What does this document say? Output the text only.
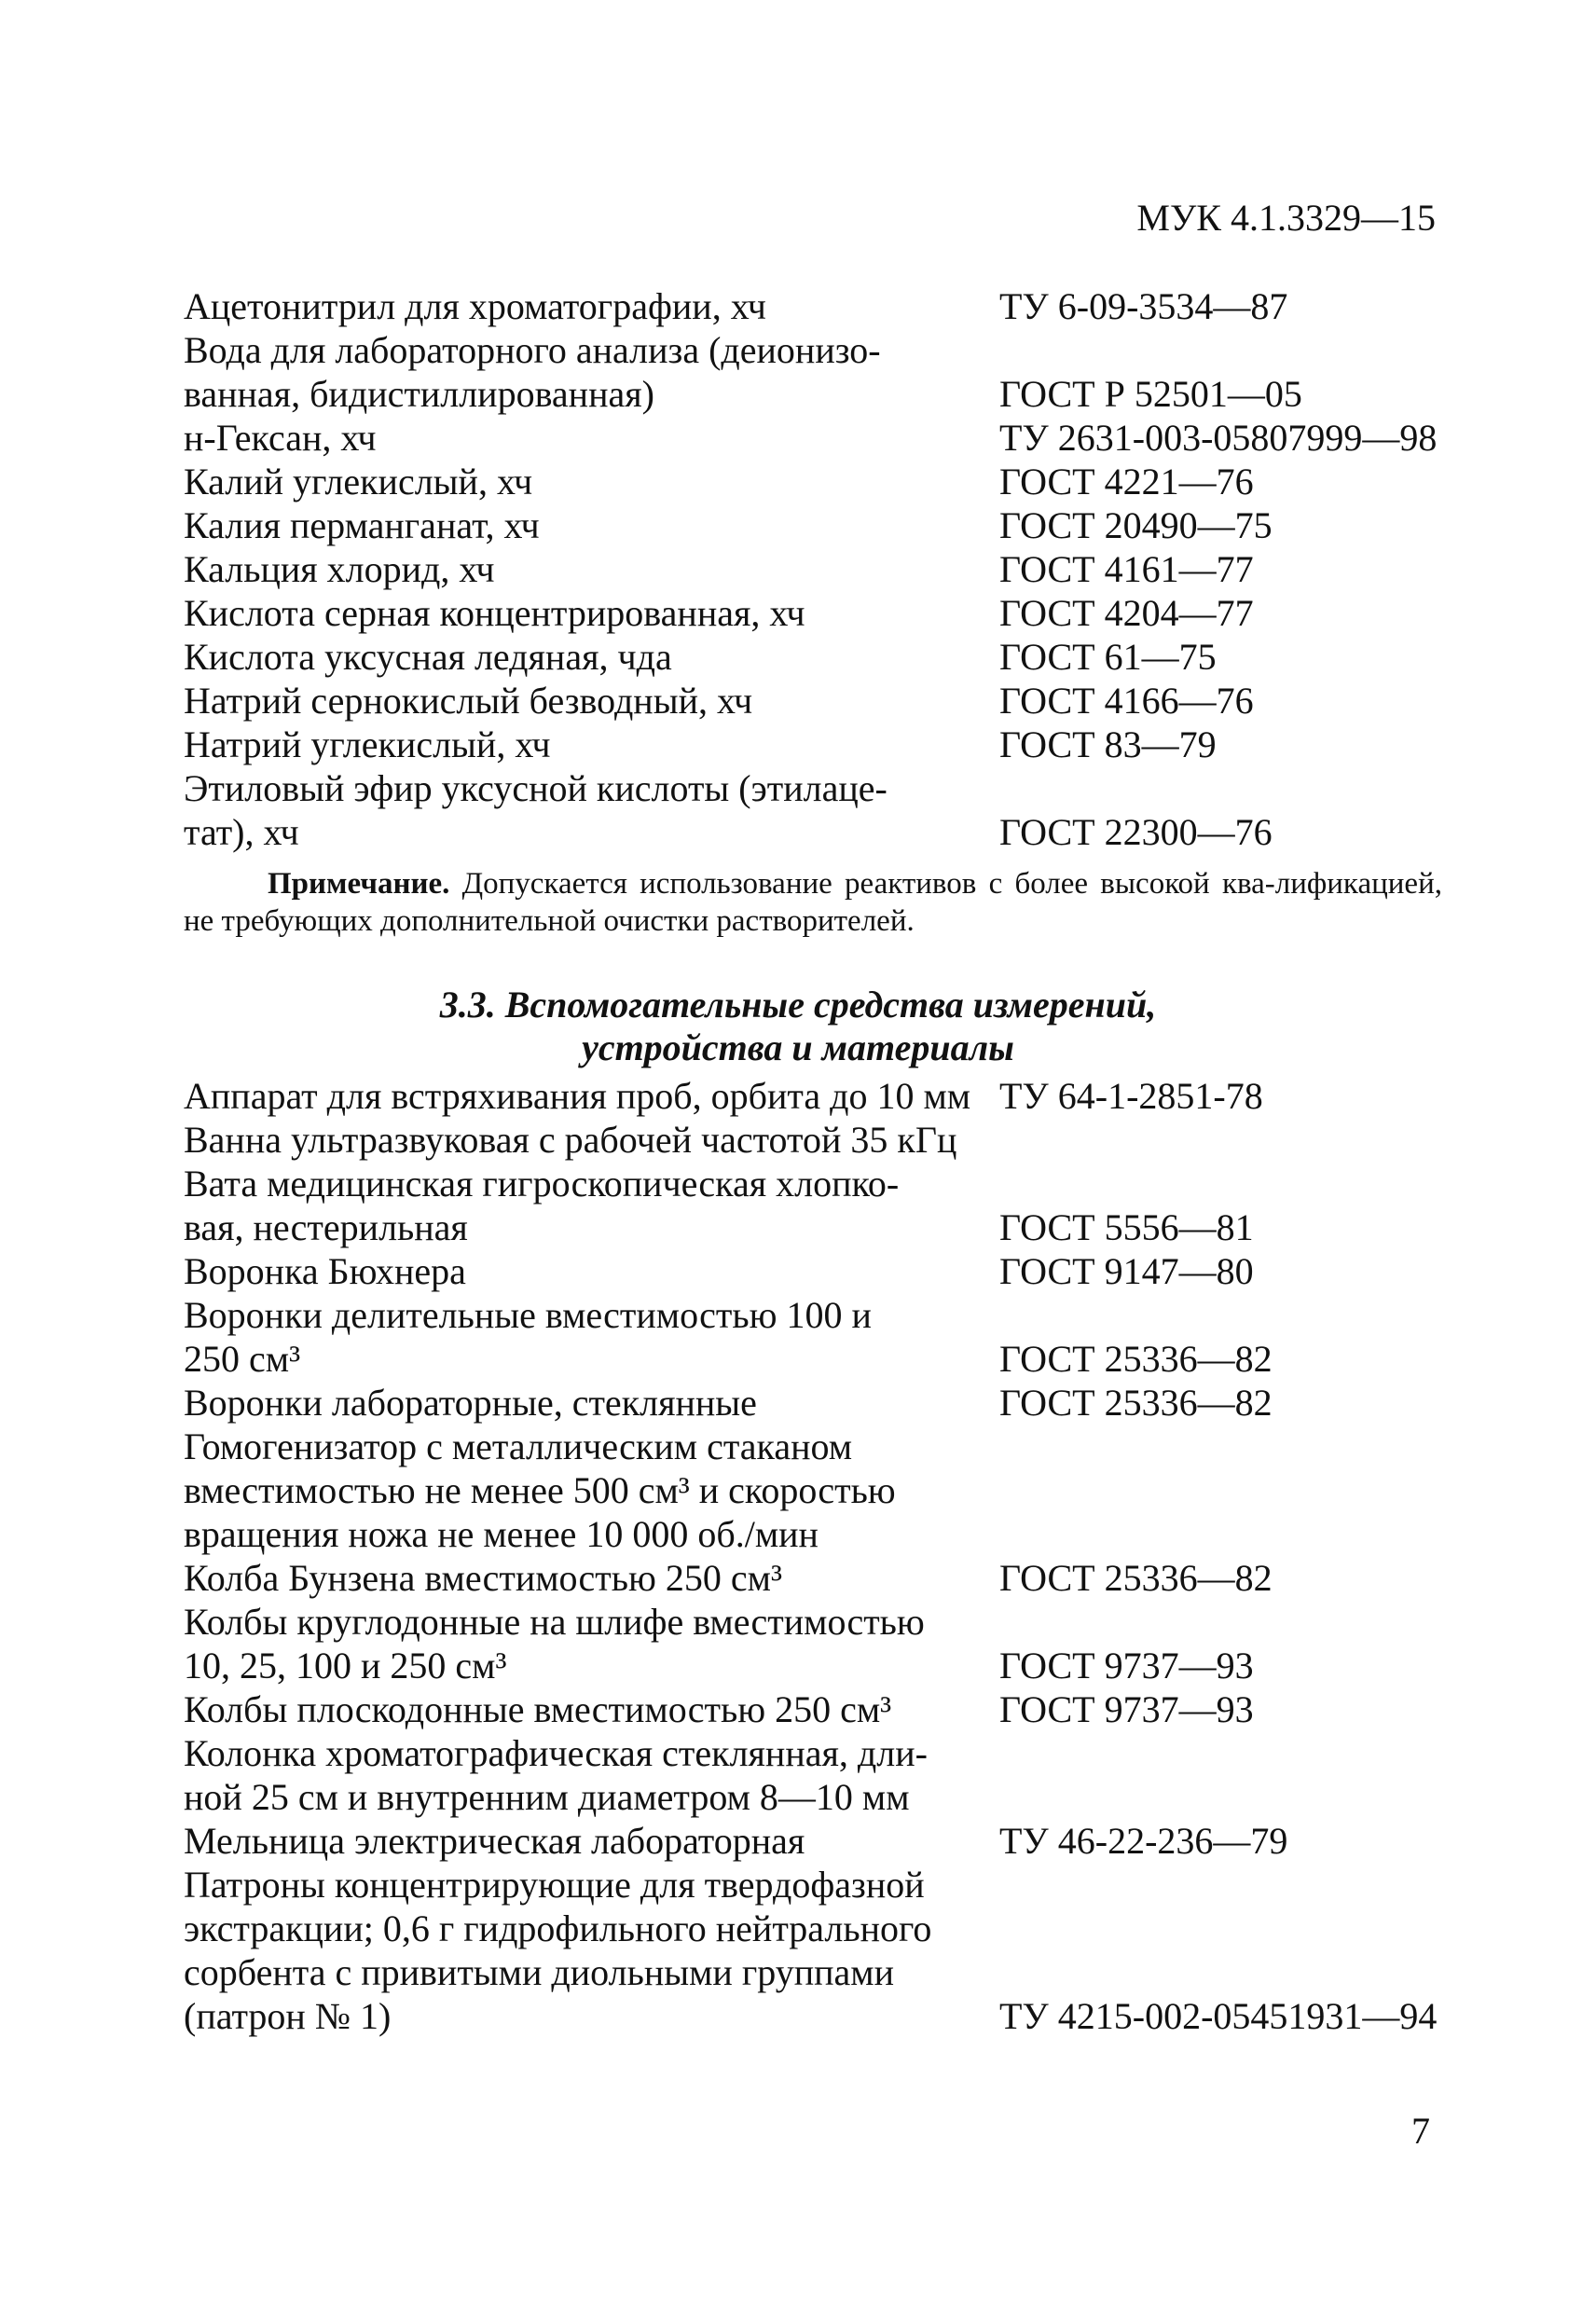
МУК 4.1.3329—15
Ацетонитрил для хроматографии, хч	ТУ 6-09-3534—87
Вода для лабораторного анализа (деионизо-
ванная, бидистиллированная)	ГОСТ Р 52501—05
н-Гексан, хч	ТУ 2631-003-05807999—98
Калий углекислый, хч	ГОСТ 4221—76
Калия перманганат, хч	ГОСТ 20490—75
Кальция хлорид, хч	ГОСТ 4161—77
Кислота серная концентрированная, хч	ГОСТ 4204—77
Кислота уксусная ледяная, чда	ГОСТ 61—75
Натрий сернокислый безводный, хч	ГОСТ 4166—76
Натрий углекислый, хч	ГОСТ 83—79
Этиловый эфир уксусной кислоты (этилаце-
тат), хч	ГОСТ 22300—76
Примечание. Допускается использование реактивов с более высокой ква-лификацией, не требующих дополнительной очистки растворителей.
3.3. Вспомогательные средства измерений,
устройства и материалы
Аппарат для встряхивания проб, орбита до 10 мм ТУ 64-1-2851-78
Ванна ультразвуковая с рабочей частотой 35 кГц
Вата медицинская гигроскопическая хлопко-
вая, нестерильная	ГОСТ 5556—81
Воронка Бюхнера	ГОСТ 9147—80
Воронки делительные вместимостью 100 и
250 см³	ГОСТ 25336—82
Воронки лабораторные, стеклянные	ГОСТ 25336—82
Гомогенизатор с металлическим стаканом
вместимостью не менее 500 см³ и скоростью
вращения ножа не менее 10 000 об./мин
Колба Бунзена вместимостью 250 см³	ГОСТ 25336—82
Колбы круглодонные на шлифе вместимостью
10, 25, 100 и 250 см³	ГОСТ 9737—93
Колбы плоскодонные вместимостью 250 см³	ГОСТ 9737—93
Колонка хроматографическая стеклянная, дли-
ной 25 см и внутренним диаметром 8—10 мм
Мельница электрическая лабораторная	ТУ 46-22-236—79
Патроны концентрирующие для твердофазной
экстракции; 0,6 г гидрофильного нейтрального
сорбента с привитыми диольными группами
(патрон № 1)	ТУ 4215-002-05451931—94
7
